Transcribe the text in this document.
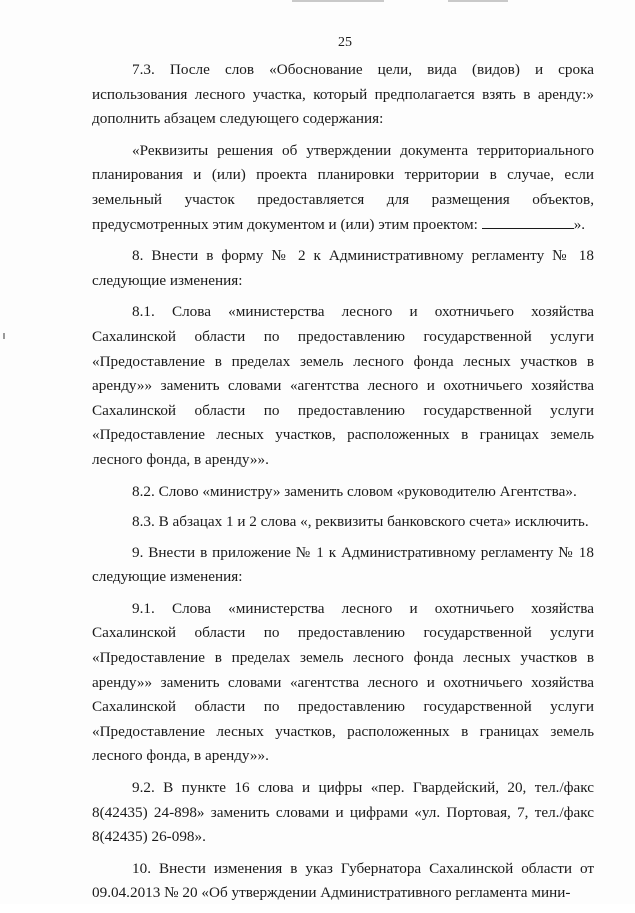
25

7.3. После слов «Обоснование цели, вида (видов) и срока использования лесного участка, который предполагается взять в аренду:» дополнить абзацем следующего содержания:

«Реквизиты решения об утверждении документа территориального планирования и (или) проекта планировки территории в случае, если земельный участок предоставляется для размещения объектов, предусмотренных этим документом и (или) этим проектом:	».

8. Внести в форму № 2 к Административному регламенту № 18 следующие изменения:

8.1. Слова «министерства лесного и охотничьего хозяйства Сахалинской области по предоставлению государственной услуги «Предоставление в пределах земель лесного фонда лесных участков в аренду»» заменить словами «агентства лесного и охотничьего хозяйства Сахалинской области по предоставлению государственной услуги «Предоставление лесных участков, расположенных в границах земель лесного фонда, в аренду»».

8.2. Слово «министру» заменить словом «руководителю Агентства».

8.3. В абзацах 1 и 2 слова «, реквизиты банковского счета» исключить.

9. Внести в приложение № 1 к Административному регламенту № 18 следующие изменения:

9.1. Слова «министерства лесного и охотничьего хозяйства Сахалинской области по предоставлению государственной услуги «Предоставление в пределах земель лесного фонда лесных участков в аренду»» заменить словами «агентства лесного и охотничьего хозяйства Сахалинской области по предоставлению государственной услуги «Предоставление лесных участков, расположенных в границах земель лесного фонда, в аренду»».

9.2. В пункте 16 слова и цифры «пер. Гвардейский, 20, тел./факс 8(42435) 24-898» заменить словами и цифрами «ул. Портовая, 7, тел./факс 8(42435) 26-098».

10. Внести изменения в указ Губернатора Сахалинской области от 09.04.2013 № 20 «Об утверждении Административного регламента мини-
